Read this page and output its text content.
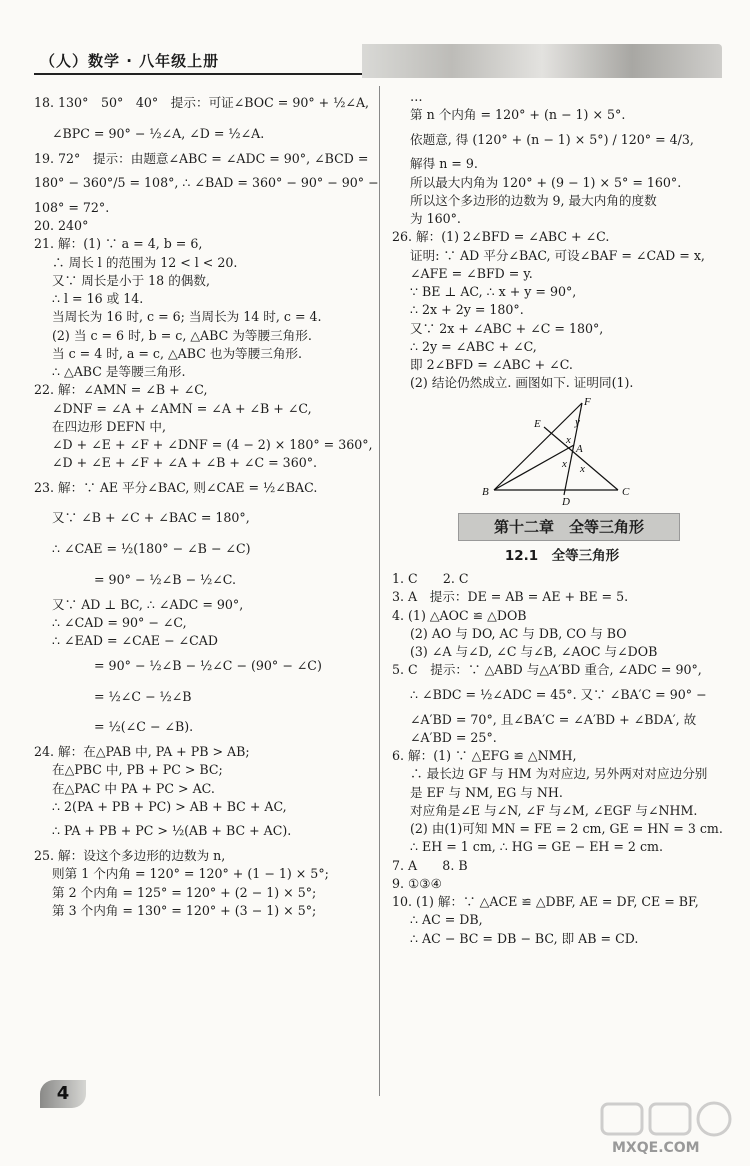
（人）数学 · 八年级上册
18. 130°　50°　40°　提示：可证∠BOC = 90° + ½∠A,
∠BPC = 90° − ½∠A, ∠D = ½∠A.
19. 72°　提示：由题意∠ABC = ∠ADC = 90°, ∠BCD =
180° − 360°/5 = 108°, ∴ ∠BAD = 360° − 90° − 90° −
108° = 72°.
20. 240°
21. 解：(1) ∵ a = 4, b = 6,
∴ 周长 l 的范围为 12 < l < 20.
又∵ 周长是小于 18 的偶数,
∴ l = 16 或 14.
当周长为 16 时, c = 6; 当周长为 14 时, c = 4.
(2) 当 c = 6 时, b = c, △ABC 为等腰三角形.
当 c = 4 时, a = c, △ABC 也为等腰三角形.
∴ △ABC 是等腰三角形.
22. 解：∠AMN = ∠B + ∠C,
∠DNF = ∠A + ∠AMN = ∠A + ∠B + ∠C,
在四边形 DEFN 中,
∠D + ∠E + ∠F + ∠DNF = (4 − 2) × 180° = 360°,
∠D + ∠E + ∠F + ∠A + ∠B + ∠C = 360°.
23. 解：∵ AE 平分∠BAC, 则∠CAE = ½∠BAC.
又∵ ∠B + ∠C + ∠BAC = 180°,
∴ ∠CAE = ½(180° − ∠B − ∠C)
= 90° − ½∠B − ½∠C.
又∵ AD ⊥ BC, ∴ ∠ADC = 90°,
∴ ∠CAD = 90° − ∠C,
∴ ∠EAD = ∠CAE − ∠CAD
= 90° − ½∠B − ½∠C − (90° − ∠C)
= ½∠C − ½∠B
= ½(∠C − ∠B).
24. 解：在△PAB 中, PA + PB > AB;
在△PBC 中, PB + PC > BC;
在△PAC 中 PA + PC > AC.
∴ 2(PA + PB + PC) > AB + BC + AC,
∴ PA + PB + PC > ½(AB + BC + AC).
25. 解：设这个多边形的边数为 n,
则第 1 个内角 = 120° = 120° + (1 − 1) × 5°;
第 2 个内角 = 125° = 120° + (2 − 1) × 5°;
第 3 个内角 = 130° = 120° + (3 − 1) × 5°;
…
第 n 个内角 = 120° + (n − 1) × 5°.
依题意, 得 (120° + (n − 1) × 5°) / 120° = 4/3,
解得 n = 9.
所以最大内角为 120° + (9 − 1) × 5° = 160°.
所以这个多边形的边数为 9, 最大内角的度数
为 160°.
26. 解：(1) 2∠BFD = ∠ABC + ∠C.
证明: ∵ AD 平分∠BAC, 可设∠BAF = ∠CAD = x,
∠AFE = ∠BFD = y.
∵ BE ⊥ AC, ∴ x + y = 90°,
∴ 2x + 2y = 180°.
又∵ 2x + ∠ABC + ∠C = 180°,
∴ 2y = ∠ABC + ∠C,
即 2∠BFD = ∠ABC + ∠C.
(2) 结论仍然成立. 画图如下. 证明同(1).
F
E	y
A
x
x x
B
D
C
第十二章　全等三角形
12.1　全等三角形
1. C　　2. C
3. A　提示：DE = AB = AE + BE = 5.
4. (1) △AOC ≌ △DOB
(2) AO 与 DO, AC 与 DB, CO 与 BO
(3) ∠A 与∠D, ∠C 与∠B, ∠AOC 与∠DOB
5. C　提示：∵ △ABD 与△A′BD 重合, ∠ADC = 90°,
∴ ∠BDC = ½∠ADC = 45°. 又∵ ∠BA′C = 90° −
∠A′BD = 70°, 且∠BA′C = ∠A′BD + ∠BDA′, 故
∠A′BD = 25°.
6. 解：(1) ∵ △EFG ≌ △NMH,
∴ 最长边 GF 与 HM 为对应边, 另外两对对应边分别
是 EF 与 NM, EG 与 NH.
对应角是∠E 与∠N, ∠F 与∠M, ∠EGF 与∠NHM.
(2) 由(1)可知 MN = FE = 2 cm, GE = HN = 3 cm.
∴ EH = 1 cm, ∴ HG = GE − EH = 2 cm.
7. A　　8. B
9. ①③④
10. (1) 解：∵ △ACE ≌ △DBF, AE = DF, CE = BF,
∴ AC = DB,
∴ AC − BC = DB − BC, 即 AB = CD.
4
MXQE.COM
